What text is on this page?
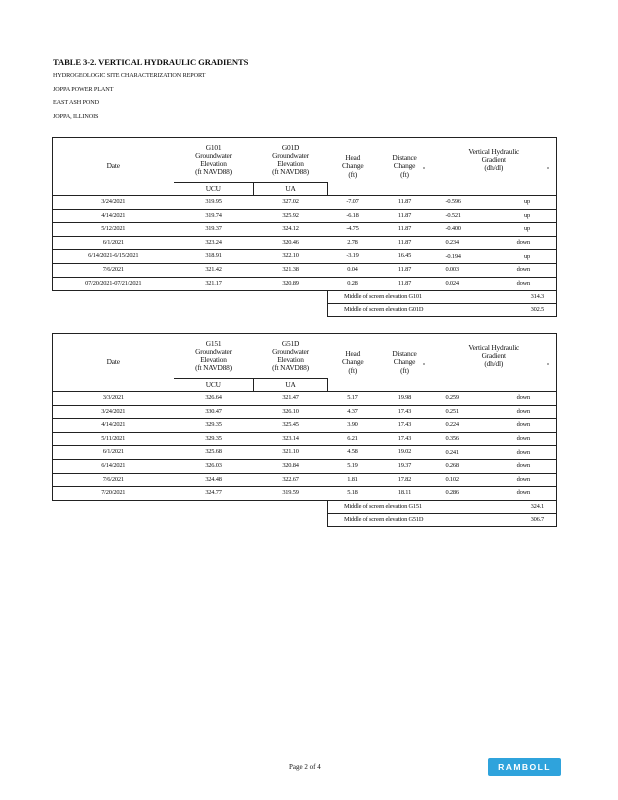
TABLE 3-2. VERTICAL HYDRAULIC GRADIENTS
HYDROGEOLOGIC SITE CHARACTERIZATION REPORT
JOPPA POWER PLANT
EAST ASH POND
JOPPA, ILLINOIS
Date	G101
Groundwater
Elevation
(ft NAVD88)	G01D
Groundwater
Elevation
(ft NAVD88)	Head
Change
(ft)	Distance
Change
(ft)	Vertical Hydraulic
Gradient
(dh/dl)

	UCU	UA			
3/24/2021	319.95	327.02	-7.07	11.87	-0.596 up

4/14/2021	319.74	325.92	-6.18	11.87	-0.521 up

5/12/2021	319.37	324.12	-4.75	11.87	-0.400 up

6/1/2021	323.24	320.46	2.78	11.87	0.234 down

6/14/2021-6/15/2021	318.91	322.10	-3.19	16.45	-0.194 up

7/6/2021	321.42	321.38	0.04	11.87	0.003 down

07/20/2021-07/21/2021	321.17	320.89	0.28	11.87	0.024 down

			Middle of screen elevation G101		314.3
			Middle of screen elevation G01D		302.5
Date	G151
Groundwater
Elevation
(ft NAVD88)	G51D
Groundwater
Elevation
(ft NAVD88)	Head
Change
(ft)	Distance
Change
(ft)	Vertical Hydraulic
Gradient
(dh/dl)

	UCU	UA			
3/3/2021	326.64	321.47	5.17	19.98	0.259 down

3/24/2021	330.47	326.10	4.37	17.43	0.251 down

4/14/2021	329.35	325.45	3.90	17.43	0.224 down

5/11/2021	329.35	323.14	6.21	17.43	0.356 down

6/1/2021	325.68	321.10	4.58	19.02	0.241 down

6/14/2021	326.03	320.84	5.19	19.37	0.268 down

7/6/2021	324.48	322.67	1.81	17.82	0.102 down

7/20/2021	324.77	319.59	5.18	18.11	0.286 down

			Middle of screen elevation G151		324.1
			Middle of screen elevation G51D		306.7
Page 2 of 4	RAMBOLL
